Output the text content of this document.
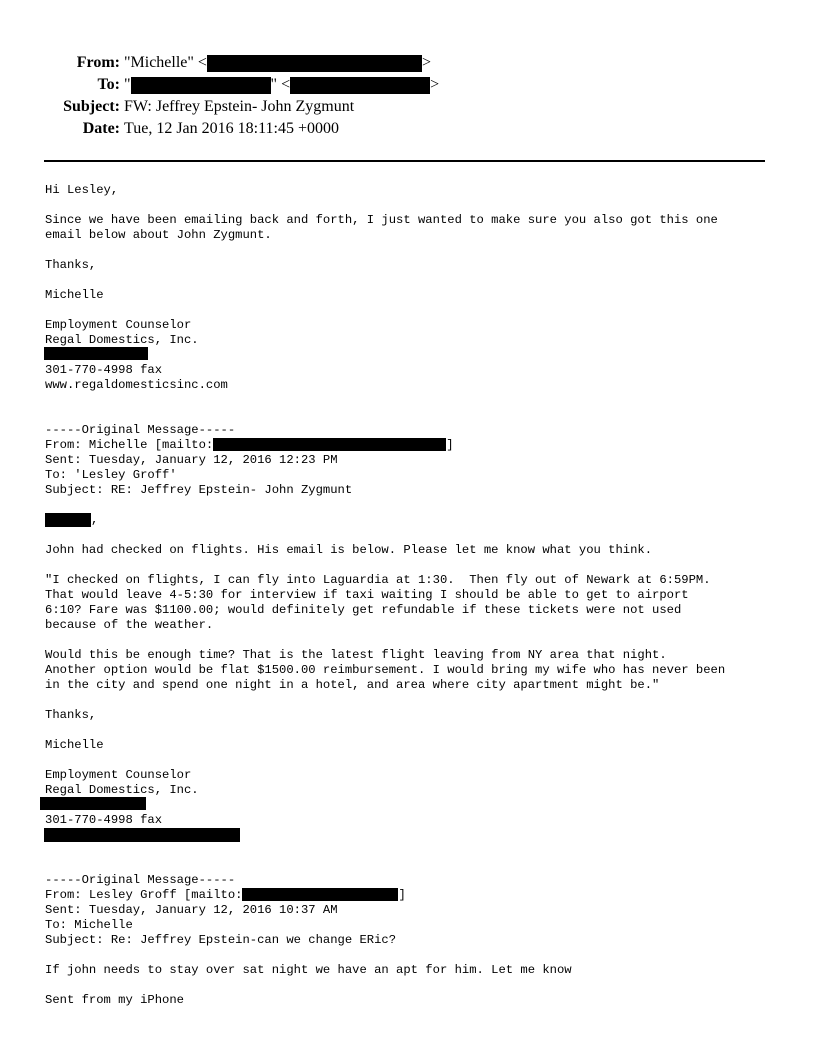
From: "Michelle" <	>
To: "	" <	>
Subject: FW: Jeffrey Epstein- John Zygmunt
Date: Tue, 12 Jan 2016 18:11:45 +0000
Hi Lesley,
Since we have been emailing back and forth, I just wanted to make sure you also got this one
email below about John Zygmunt.
Thanks,
Michelle
Employment Counselor
Regal Domestics, Inc.
301-770-4998 fax
www.regaldomesticsinc.com
-----Original Message-----
From: Michelle [mailto:	]
Sent: Tuesday, January 12, 2016 12:23 PM
To: 'Lesley Groff'
Subject: RE: Jeffrey Epstein- John Zygmunt
,
John had checked on flights. His email is below. Please let me know what you think.
"I checked on flights, I can fly into Laguardia at 1:30.  Then fly out of Newark at 6:59PM.
That would leave 4-5:30 for interview if taxi waiting I should be able to get to airport
6:10? Fare was $1100.00; would definitely get refundable if these tickets were not used
because of the weather.
Would this be enough time? That is the latest flight leaving from NY area that night.
Another option would be flat $1500.00 reimbursement. I would bring my wife who has never been
in the city and spend one night in a hotel, and area where city apartment might be."
Thanks,
Michelle
Employment Counselor
Regal Domestics, Inc.
301-770-4998 fax
-----Original Message-----
From: Lesley Groff [mailto:	]
Sent: Tuesday, January 12, 2016 10:37 AM
To: Michelle
Subject: Re: Jeffrey Epstein-can we change ERic?
If john needs to stay over sat night we have an apt for him. Let me know
Sent from my iPhone
